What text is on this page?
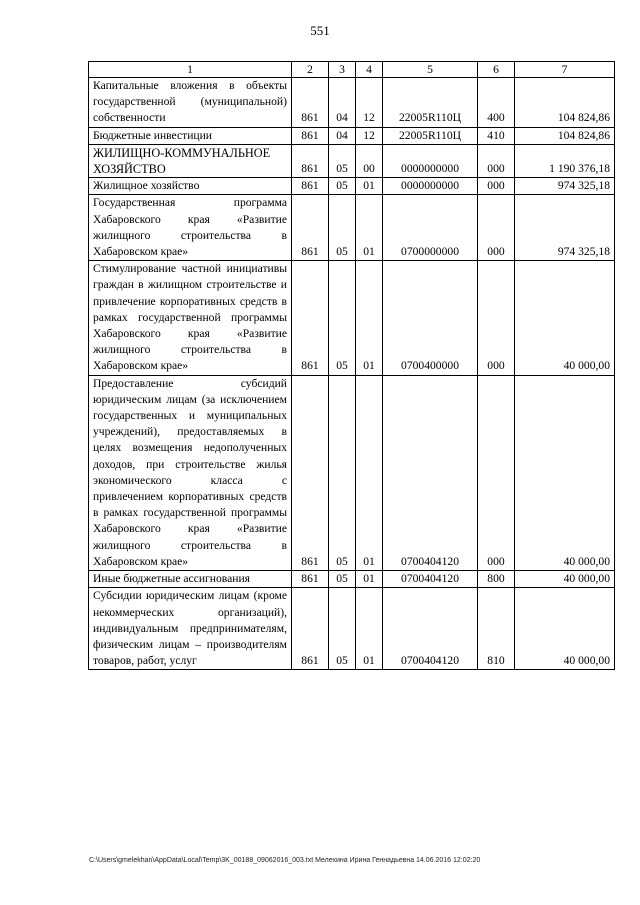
551
1	2	3	4	5	6	7
Капитальные вложения в объекты государственной (муниципальной) собственности	861	04	12	22005R110Ц	400	104 824,86
Бюджетные инвестиции	861	04	12	22005R110Ц	410	104 824,86
ЖИЛИЩНО-КОММУНАЛЬНОЕ ХОЗЯЙСТВО	861	05	00	0000000000	000	1 190 376,18
Жилищное хозяйство	861	05	01	0000000000	000	974 325,18
Государственная программа Хабаровского края «Развитие жилищного строительства в Хабаровском крае»	861	05	01	0700000000	000	974 325,18
Стимулирование частной инициативы граждан в жилищном строительстве и привлечение корпоративных средств в рамках государственной программы Хабаровского края «Развитие жилищного строительства в Хабаровском крае»	861	05	01	0700400000	000	40 000,00
Предоставление субсидий юридическим лицам (за исключением государственных и муниципальных учреждений), предоставляемых в целях возмещения недополученных доходов, при строительстве жилья экономического класса с привлечением корпоративных средств в рамках государственной программы Хабаровского края «Развитие жилищного строительства в Хабаровском крае»	861	05	01	0700404120	000	40 000,00
Иные бюджетные ассигнования	861	05	01	0700404120	800	40 000,00
Субсидии юридическим лицам (кроме некоммерческих организаций), индивидуальным предпринимателям, физическим лицам – производителям товаров, работ, услуг	861	05	01	0700404120	810	40 000,00
C:\Users\gmelekhan\AppData\Local\Temp\3K_00188_09062016_003.txt Мелехина Ирина Геннадьевна 14.06.2016 12:02:20
